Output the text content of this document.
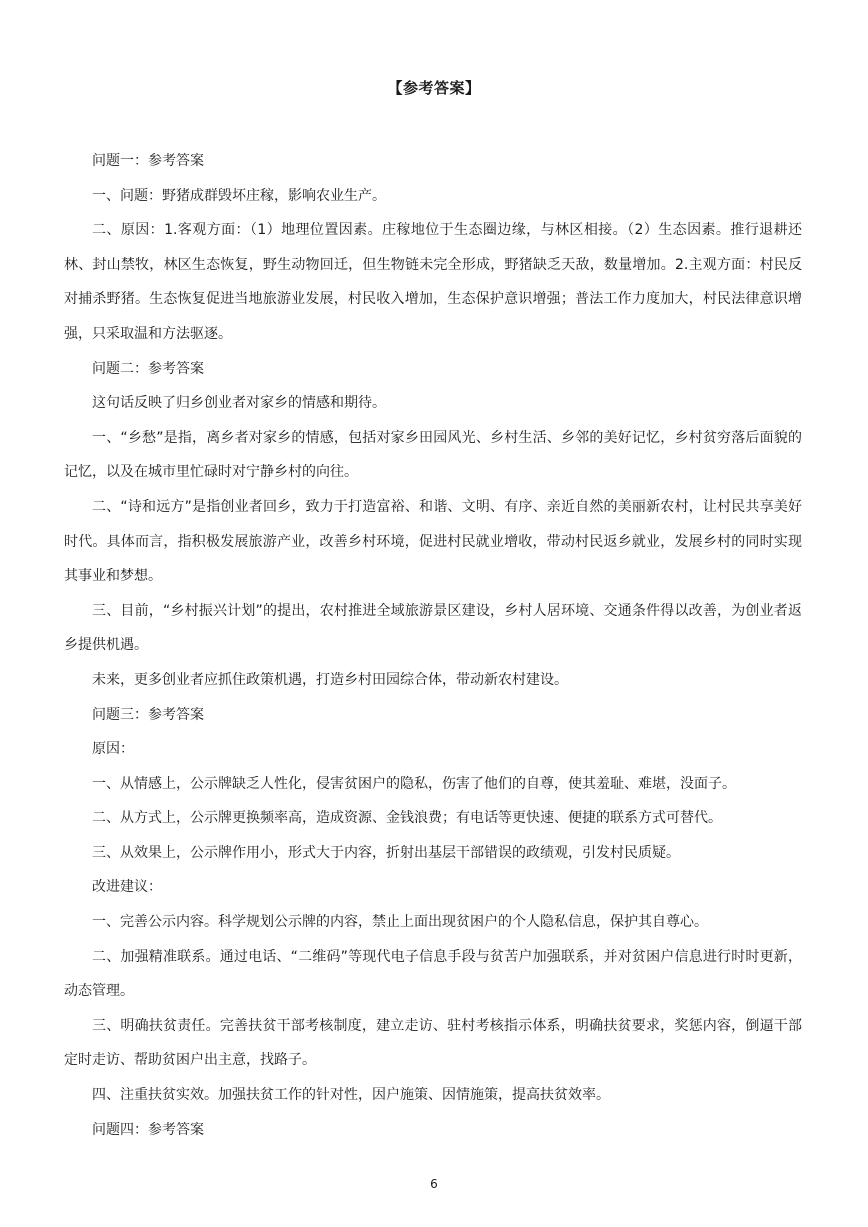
【参考答案】

问题一：参考答案

一、问题：野猪成群毁坏庄稼，影响农业生产。

二、原因：1.客观方面：（1）地理位置因素。庄稼地位于生态圈边缘，与林区相接。（2）生态因素。推行退耕还林、封山禁牧，林区生态恢复，野生动物回迁，但生物链未完全形成，野猪缺乏天敌，数量增加。2.主观方面：村民反对捕杀野猪。生态恢复促进当地旅游业发展，村民收入增加，生态保护意识增强；普法工作力度加大，村民法律意识增强，只采取温和方法驱逐。

问题二：参考答案

这句话反映了归乡创业者对家乡的情感和期待。

一、“乡愁”是指，离乡者对家乡的情感，包括对家乡田园风光、乡村生活、乡邻的美好记忆，乡村贫穷落后面貌的记忆，以及在城市里忙碌时对宁静乡村的向往。

二、“诗和远方”是指创业者回乡，致力于打造富裕、和谐、文明、有序、亲近自然的美丽新农村，让村民共享美好时代。具体而言，指积极发展旅游产业，改善乡村环境，促进村民就业增收，带动村民返乡就业，发展乡村的同时实现其事业和梦想。

三、目前，“乡村振兴计划”的提出，农村推进全域旅游景区建设，乡村人居环境、交通条件得以改善，为创业者返乡提供机遇。

未来，更多创业者应抓住政策机遇，打造乡村田园综合体，带动新农村建设。

问题三：参考答案

原因：

一、从情感上，公示牌缺乏人性化，侵害贫困户的隐私，伤害了他们的自尊，使其羞耻、难堪，没面子。

二、从方式上，公示牌更换频率高，造成资源、金钱浪费；有电话等更快速、便捷的联系方式可替代。

三、从效果上，公示牌作用小，形式大于内容，折射出基层干部错误的政绩观，引发村民质疑。

改进建议：

一、完善公示内容。科学规划公示牌的内容，禁止上面出现贫困户的个人隐私信息，保护其自尊心。

二、加强精准联系。通过电话、“二维码”等现代电子信息手段与贫苦户加强联系，并对贫困户信息进行时时更新，动态管理。

三、明确扶贫责任。完善扶贫干部考核制度，建立走访、驻村考核指示体系，明确扶贫要求，奖惩内容，倒逼干部定时走访、帮助贫困户出主意，找路子。

四、注重扶贫实效。加强扶贫工作的针对性，因户施策、因情施策，提高扶贫效率。

问题四：参考答案

6
